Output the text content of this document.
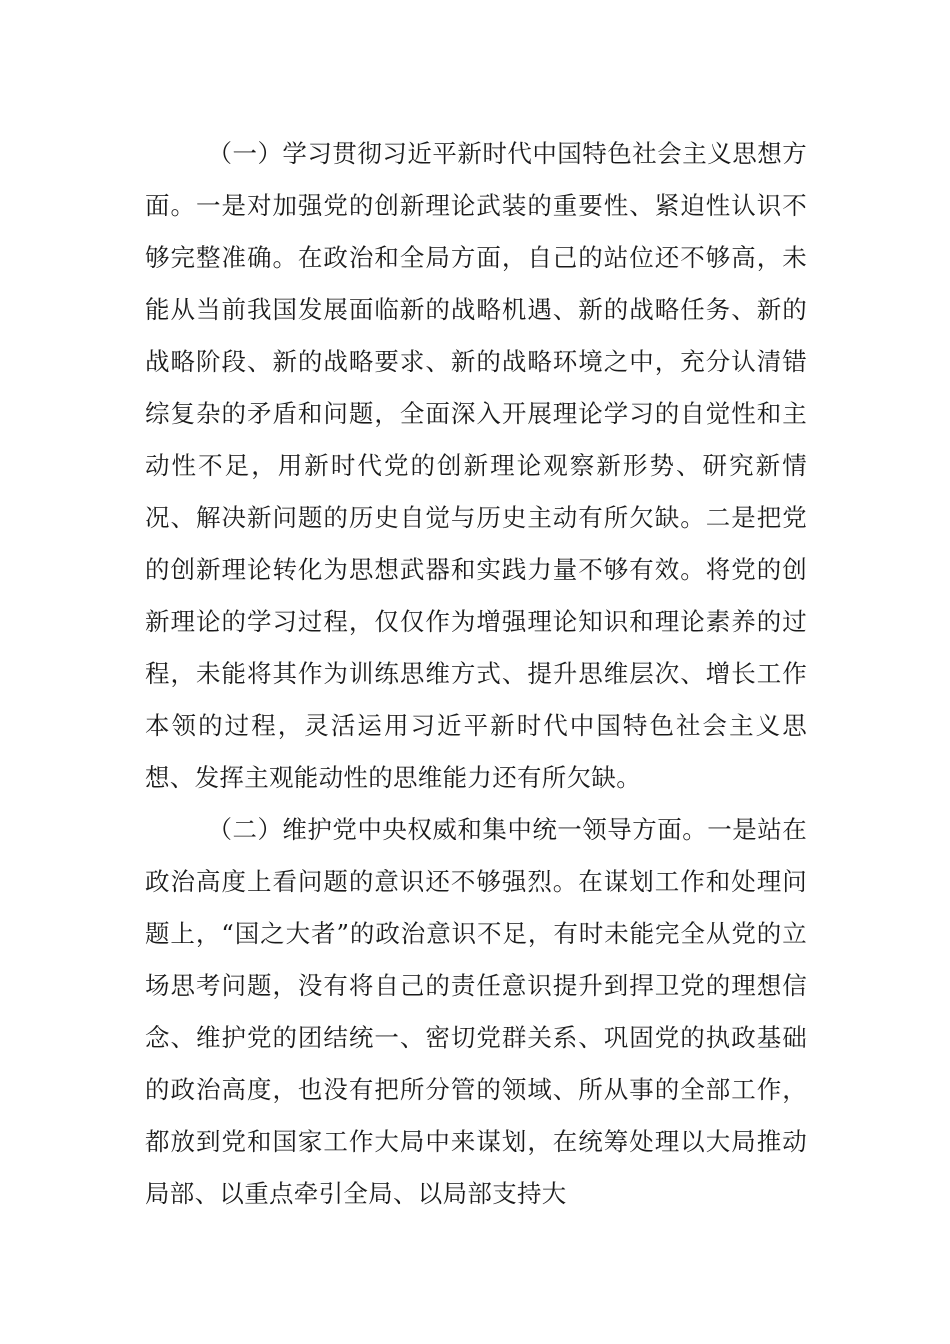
（一）学习贯彻习近平新时代中国特色社会主义思想方面。一是对加强党的创新理论武装的重要性、紧迫性认识不够完整准确。在政治和全局方面，自己的站位还不够高，未能从当前我国发展面临新的战略机遇、新的战略任务、新的战略阶段、新的战略要求、新的战略环境之中，充分认清错综复杂的矛盾和问题，全面深入开展理论学习的自觉性和主动性不足，用新时代党的创新理论观察新形势、研究新情况、解决新问题的历史自觉与历史主动有所欠缺。二是把党的创新理论转化为思想武器和实践力量不够有效。将党的创新理论的学习过程，仅仅作为增强理论知识和理论素养的过程，未能将其作为训练思维方式、提升思维层次、增长工作本领的过程，灵活运用习近平新时代中国特色社会主义思想、发挥主观能动性的思维能力还有所欠缺。

（二）维护党中央权威和集中统一领导方面。一是站在政治高度上看问题的意识还不够强烈。在谋划工作和处理问题上，“国之大者”的政治意识不足，有时未能完全从党的立场思考问题，没有将自己的责任意识提升到捍卫党的理想信念、维护党的团结统一、密切党群关系、巩固党的执政基础的政治高度，也没有把所分管的领域、所从事的全部工作，都放到党和国家工作大局中来谋划，在统筹处理以大局推动局部、以重点牵引全局、以局部支持大
